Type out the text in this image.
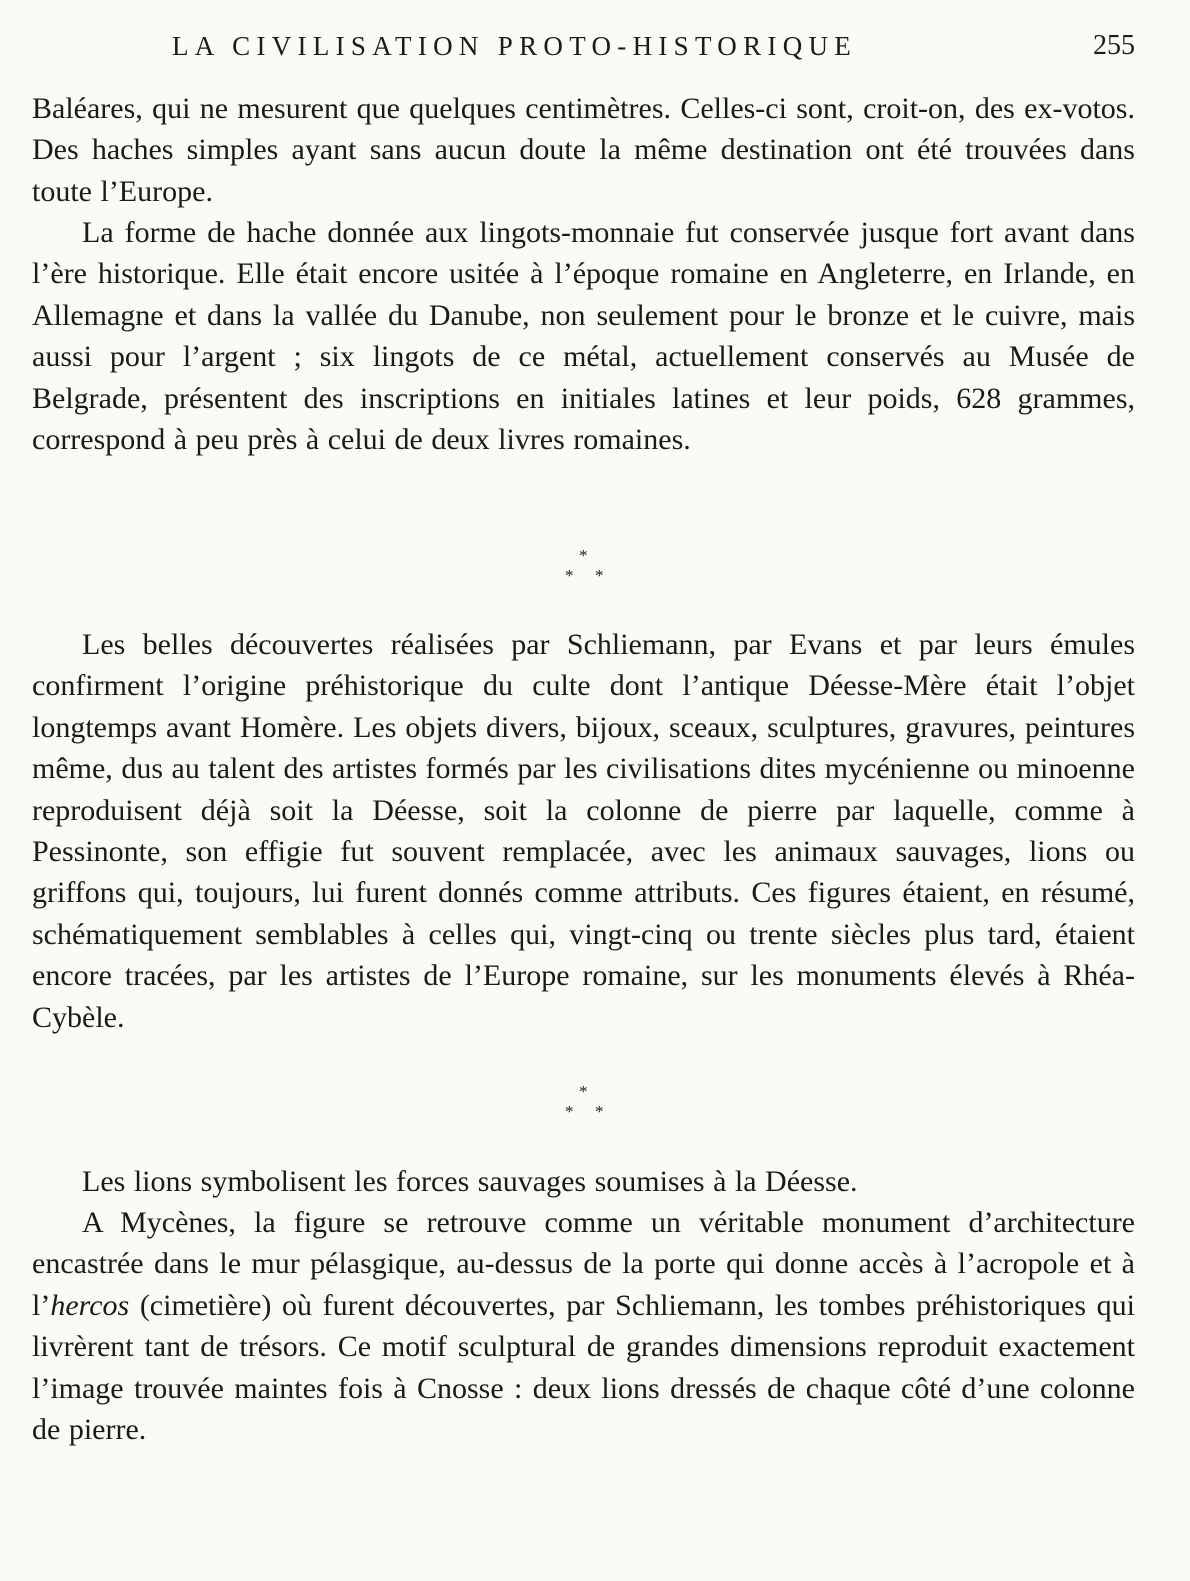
LA CIVILISATION PROTO-HISTORIQUE	255

Baléares, qui ne mesurent que quelques centimètres. Celles-ci sont, croit-on, des ex-votos. Des haches simples ayant sans aucun doute la même destination ont été trouvées dans toute l’Europe.

La forme de hache donnée aux lingots-monnaie fut conservée jusque fort avant dans l’ère historique. Elle était encore usitée à l’époque romaine en Angleterre, en Irlande, en Allemagne et dans la vallée du Danube, non seulement pour le bronze et le cuivre, mais aussi pour l’argent ; six lingots de ce métal, actuellement conservés au Musée de Belgrade, présentent des inscriptions en initiales latines et leur poids, 628 grammes, correspond à peu près à celui de deux livres romaines.

*
* *

Les belles découvertes réalisées par Schliemann, par Evans et par leurs émules confirment l’origine préhistorique du culte dont l’antique Déesse-Mère était l’objet longtemps avant Homère. Les objets divers, bijoux, sceaux, sculptures, gravures, peintures même, dus au talent des artistes formés par les civilisations dites mycénienne ou minoenne reproduisent déjà soit la Déesse, soit la colonne de pierre par laquelle, comme à Pessinonte, son effigie fut souvent remplacée, avec les animaux sauvages, lions ou griffons qui, toujours, lui furent donnés comme attributs. Ces figures étaient, en résumé, schématiquement semblables à celles qui, vingt-cinq ou trente siècles plus tard, étaient encore tracées, par les artistes de l’Europe romaine, sur les monuments élevés à Rhéa-Cybèle.

*
* *

Les lions symbolisent les forces sauvages soumises à la Déesse.

A Mycènes, la figure se retrouve comme un véritable monument d’architecture encastrée dans le mur pélasgique, au-dessus de la porte qui donne accès à l’acropole et à l’hercos (cimetière) où furent découvertes, par Schliemann, les tombes préhistoriques qui livrèrent tant de trésors. Ce motif sculptural de grandes dimensions reproduit exactement l’image trouvée maintes fois à Cnosse : deux lions dressés de chaque côté d’une colonne de pierre.
